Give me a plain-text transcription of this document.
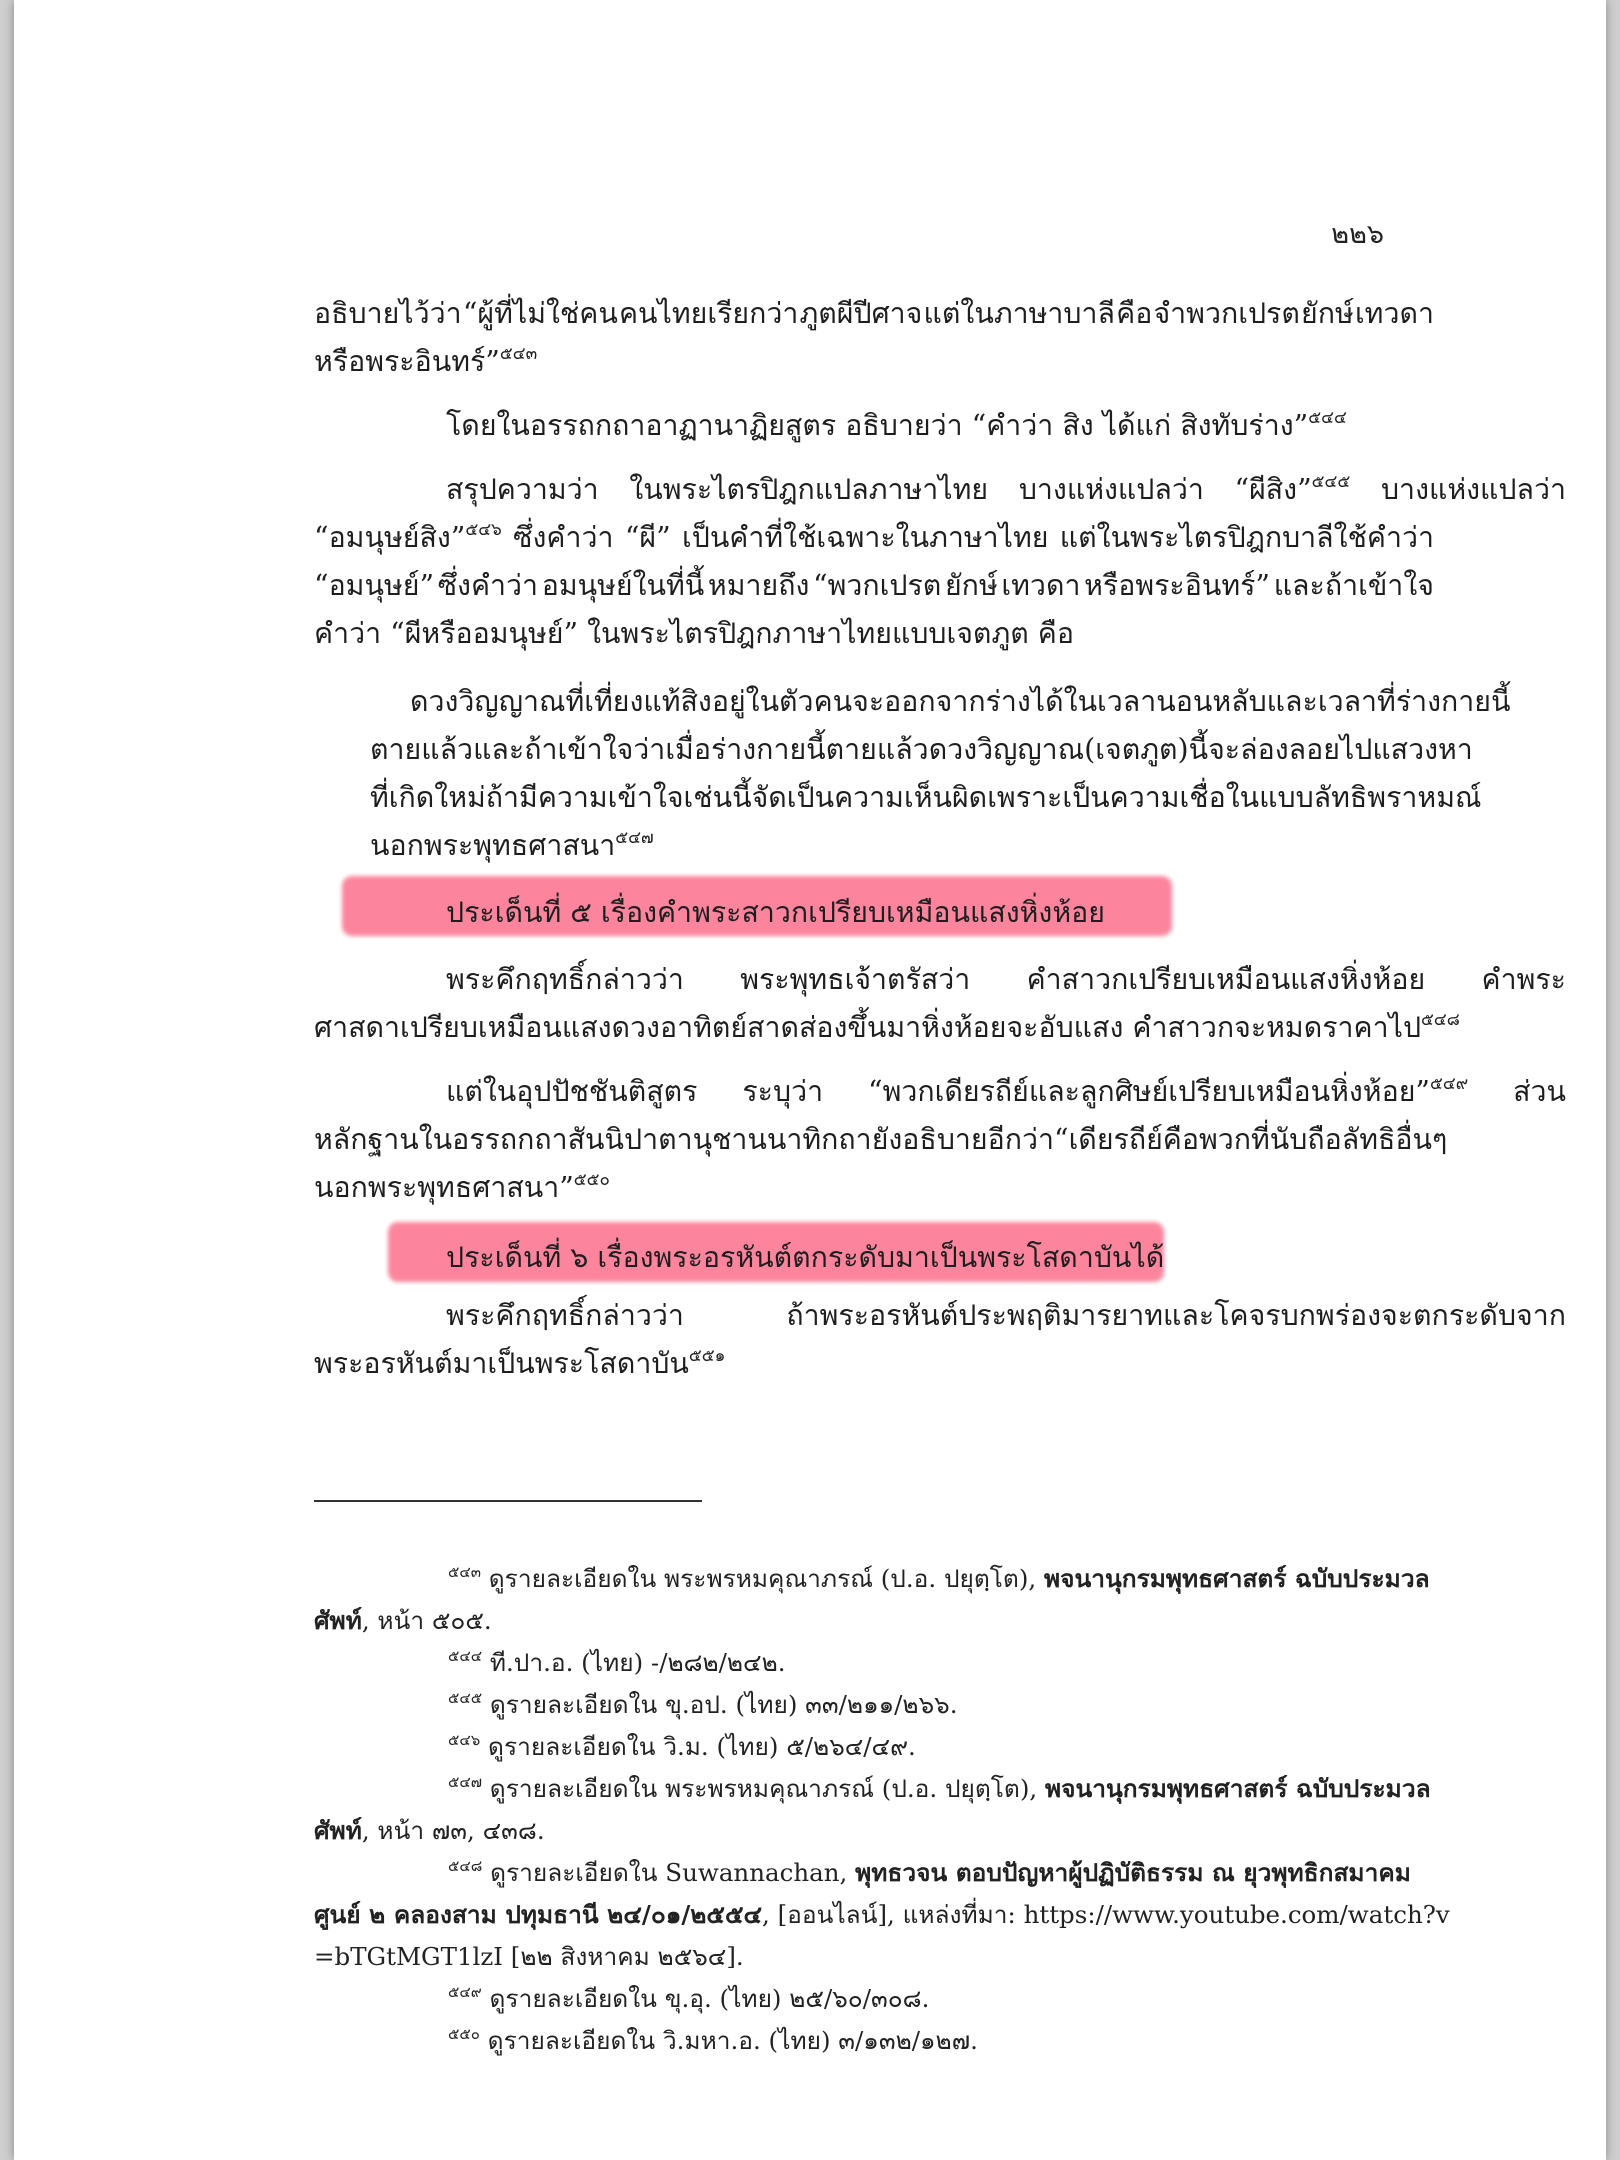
๒๒๖
อธิบายไว้ว่า “ผู้ที่ไม่ใช่คน คนไทยเรียกว่า ภูตผีปีศาจ แต่ในภาษาบาลี คือ จำพวกเปรต ยักษ์ เทวดา
หรือพระอินทร์”$^{๕๔๓}$
โดยในอรรถกถาอาฏานาฏิยสูตร อธิบายว่า “คำว่า สิง ได้แก่ สิงทับร่าง”$^{๕๔๔}$
สรุปความว่า ในพระไตรปิฎกแปลภาษาไทย บางแห่งแปลว่า “ผีสิง”$^{๕๔๕}$ บางแห่งแปลว่า
“อมนุษย์สิง”$^{๕๔๖}$ ซึ่งคำว่า “ผี” เป็นคำที่ใช้เฉพาะในภาษาไทย แต่ในพระไตรปิฎกบาลีใช้คำว่า
“อมนุษย์” ซึ่งคำว่า อมนุษย์ในที่นี้ หมายถึง “พวกเปรต ยักษ์ เทวดา หรือพระอินทร์” และถ้าเข้าใจ
คำว่า “ผีหรืออมนุษย์” ในพระไตรปิฎกภาษาไทยแบบเจตภูต คือ
ดวงวิญญาณที่เที่ยงแท้สิงอยู่ในตัวคน จะออกจากร่างได้ในเวลานอนหลับและเวลาที่ร่างกายนี้
ตายแล้ว และถ้าเข้าใจว่า เมื่อร่างกายนี้ตายแล้ว ดวงวิญญาณ (เจตภูต) นี้จะล่องลอยไปแสวงหา
ที่เกิดใหม่ ถ้ามีความเข้าใจเช่นนี้จัดเป็นความเห็นผิด เพราะเป็นความเชื่อในแบบลัทธิพราหมณ์
นอกพระพุทธศาสนา$^{๕๔๗}$
ประเด็นที่ ๕ เรื่องคำพระสาวกเปรียบเหมือนแสงหิ่งห้อย
พระคึกฤทธิ์กล่าวว่า พระพุทธเจ้าตรัสว่า คำสาวกเปรียบเหมือนแสงหิ่งห้อย คำพระ
ศาสดาเปรียบเหมือนแสงดวงอาทิตย์สาดส่องขึ้นมาหิ่งห้อยจะอับแสง คำสาวกจะหมดราคาไป$^{๕๔๘}$
แต่ในอุปปัชชันติสูตร ระบุว่า “พวกเดียรถีย์และลูกศิษย์เปรียบเหมือนหิ่งห้อย”$^{๕๔๙}$ ส่วน
หลักฐานในอรรถกถาสันนิปาตานุชานนาทิกถา ยังอธิบายอีกว่า “เดียรถีย์คือพวกที่นับถือลัทธิอื่น ๆ
นอกพระพุทธศาสนา”$^{๕๕๐}$
ประเด็นที่ ๖ เรื่องพระอรหันต์ตกระดับมาเป็นพระโสดาบันได้
พระคึกฤทธิ์กล่าวว่า	ถ้าพระอรหันต์ประพฤติมารยาทและโคจรบกพร่องจะตกระดับจาก
พระอรหันต์มาเป็นพระโสดาบัน$^{๕๕๑}$
$^{๕๔๓}$ ดูรายละเอียดใน พระพรหมคุณาภรณ์ (ป.อ. ปยุตฺโต), พจนานุกรมพุทธศาสตร์ ฉบับประมวล
ศัพท์, หน้า ๕๐๕.
$^{๕๔๔}$ ที.ปา.อ. (ไทย) -/๒๘๒/๒๔๒.
$^{๕๔๕}$ ดูรายละเอียดใน ขุ.อป. (ไทย) ๓๓/๒๑๑/๒๖๖.
$^{๕๔๖}$ ดูรายละเอียดใน วิ.ม. (ไทย) ๕/๒๖๔/๔๙.
$^{๕๔๗}$ ดูรายละเอียดใน พระพรหมคุณาภรณ์ (ป.อ. ปยุตฺโต), พจนานุกรมพุทธศาสตร์ ฉบับประมวล
ศัพท์, หน้า ๗๓, ๔๓๘.
$^{๕๔๘}$ ดูรายละเอียดใน Suwannachan, พุทธวจน ตอบปัญหาผู้ปฏิบัติธรรม ณ ยุวพุทธิกสมาคม
ศูนย์ ๒ คลองสาม ปทุมธานี ๒๔/๐๑/๒๕๕๔, [ออนไลน์], แหล่งที่มา: https://www.youtube.com/watch?v
=bTGtMGT1lzI [๒๒ สิงหาคม ๒๕๖๔].
$^{๕๔๙}$ ดูรายละเอียดใน ขุ.อุ. (ไทย) ๒๕/๖๐/๓๐๘.
$^{๕๕๐}$ ดูรายละเอียดใน วิ.มหา.อ. (ไทย) ๓/๑๓๒/๑๒๗.
